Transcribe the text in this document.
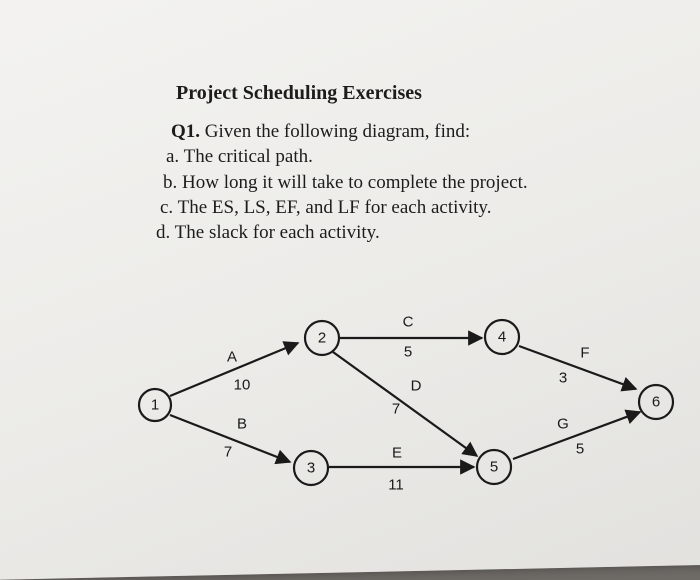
Project Scheduling Exercises
Q1. Given the following diagram, find:
a. The critical path.
b. How long it will take to complete the project.
c. The ES, LS, EF, and LF for each activity.
d. The slack for each activity.
1
2
3
4
5
6
A
10
B
7
C
5
D
7
E
11
F
3
G
5
